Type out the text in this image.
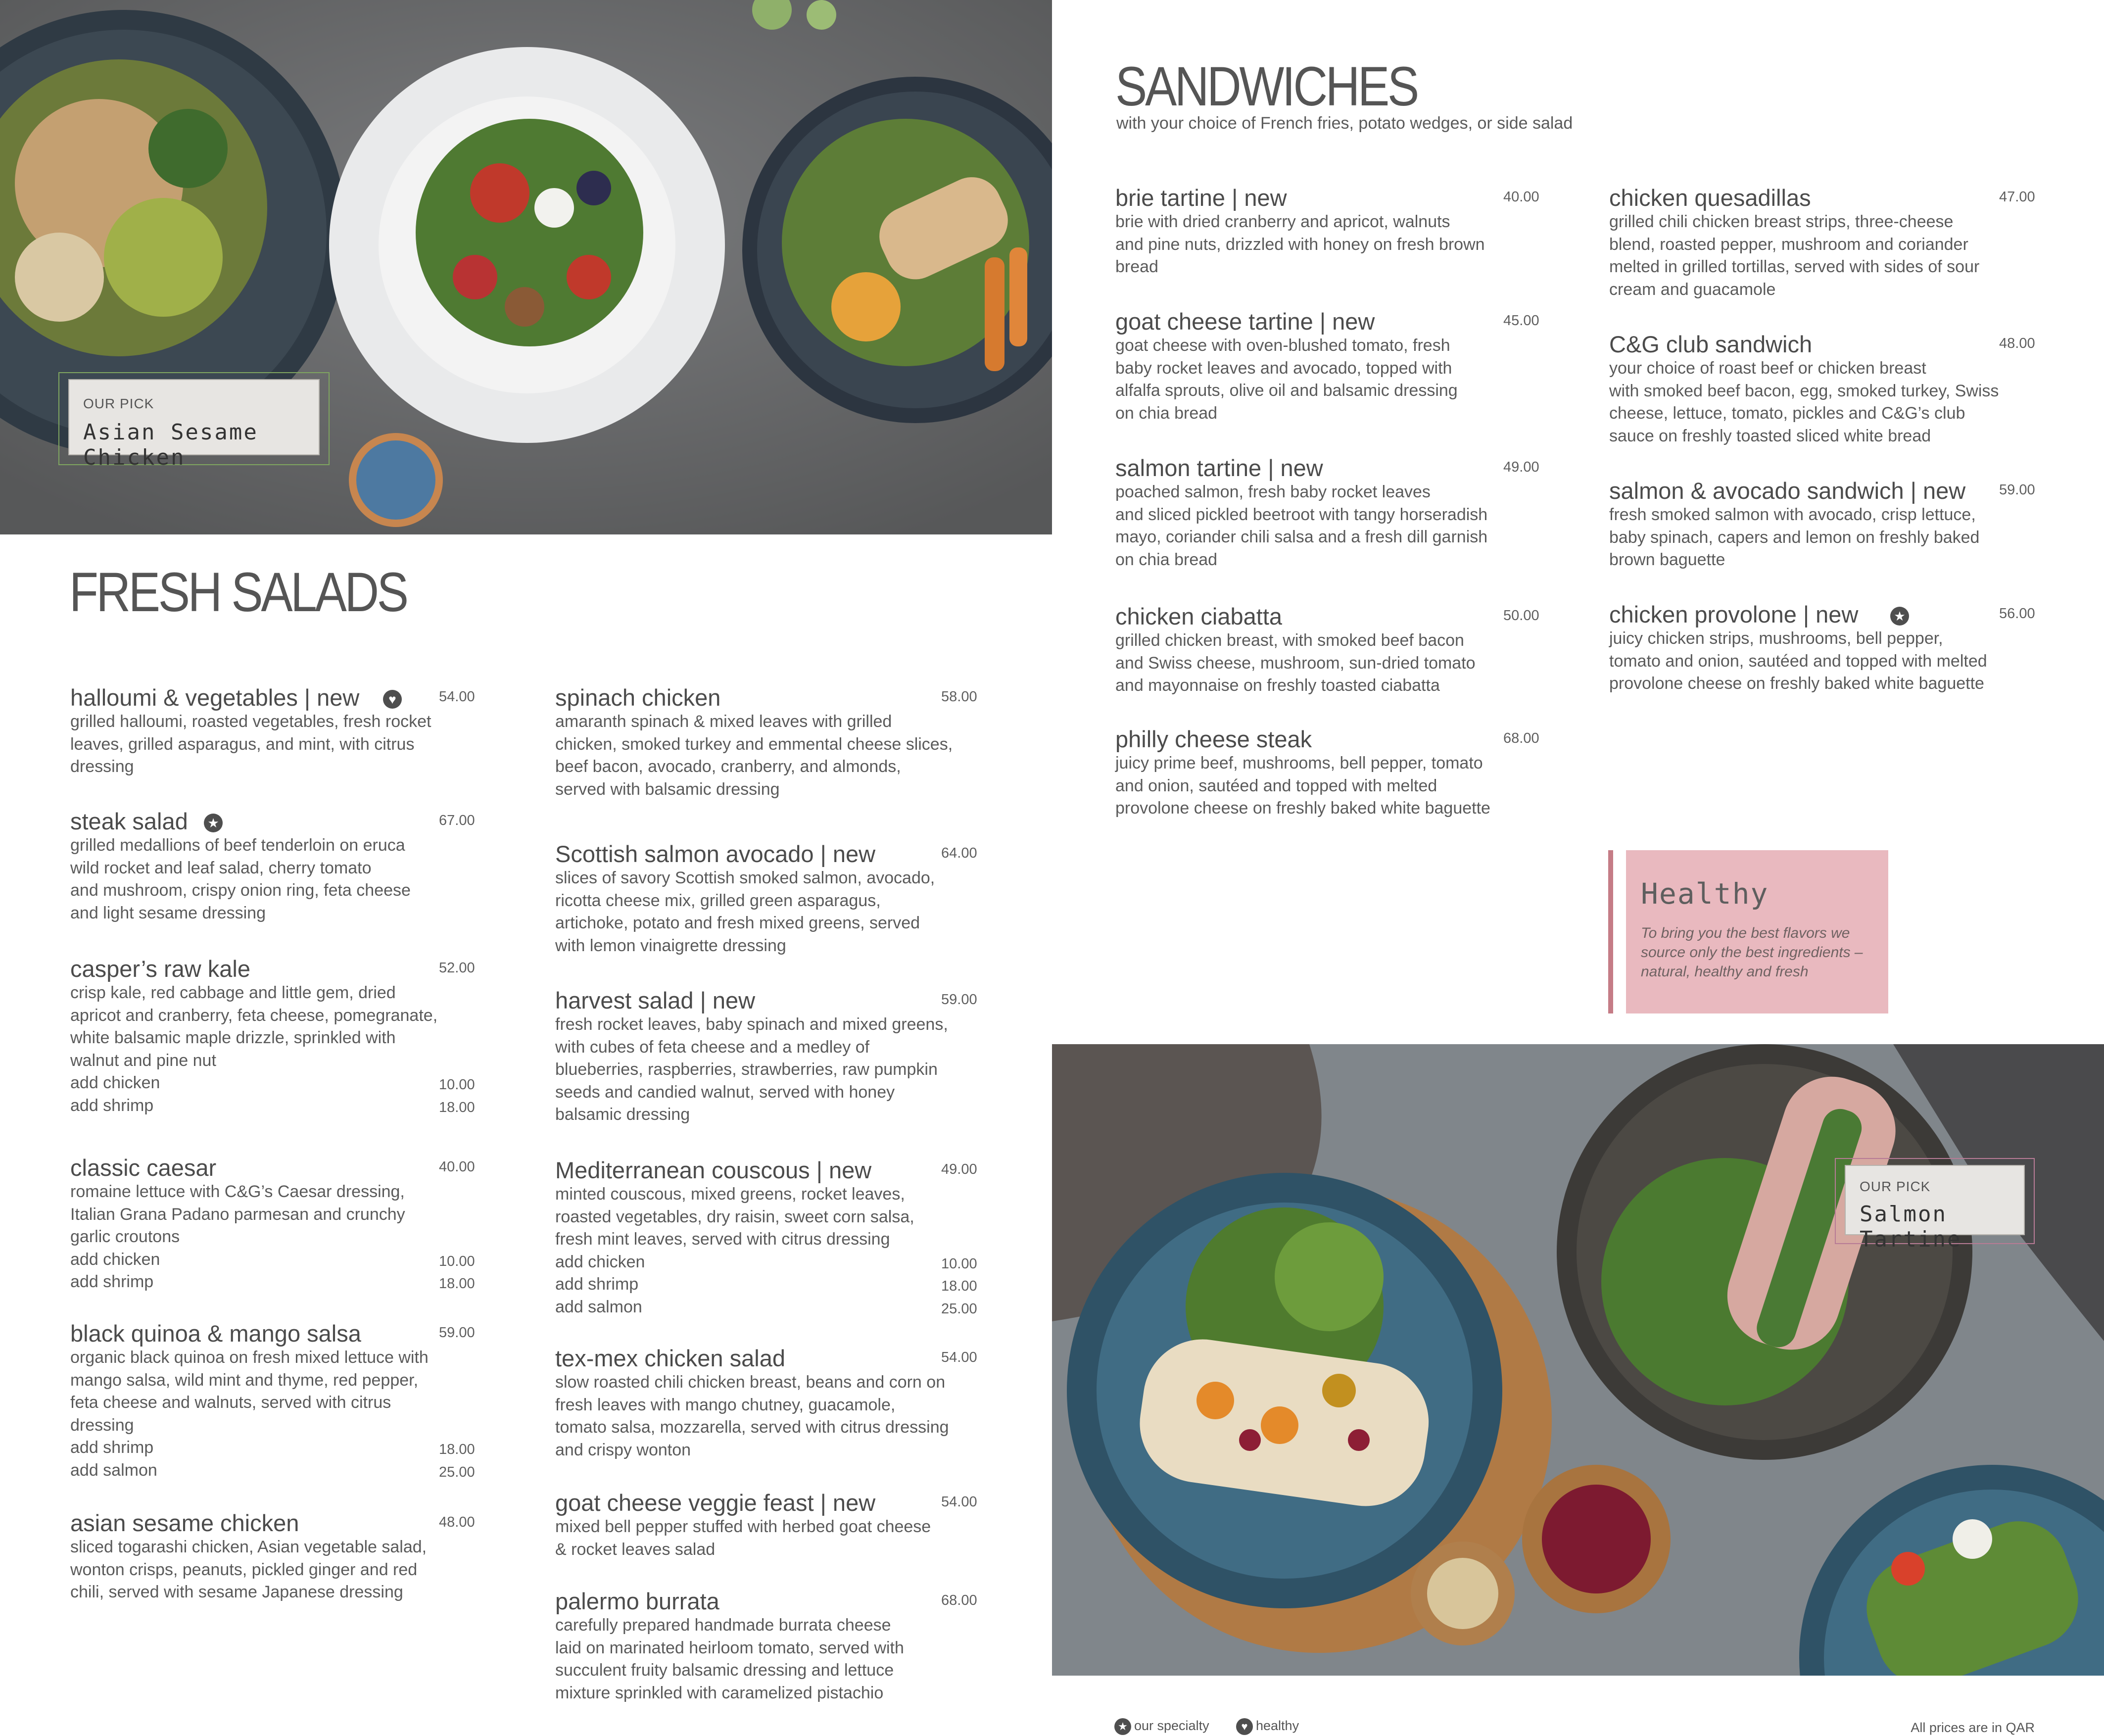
OUR PICK
Asian Sesame Chicken
FRESH SALADS
halloumi & vegetables | new	54.00
♥
grilled halloumi, roasted vegetables, fresh rocket
leaves, grilled asparagus, and mint, with citrus
dressing
steak salad	67.00
★
grilled medallions of beef tenderloin on eruca
wild rocket and leaf salad, cherry tomato
and mushroom, crispy onion ring, feta cheese
and light sesame dressing
casper’s raw kale	52.00
crisp kale, red cabbage and little gem, dried
apricot and cranberry, feta cheese, pomegranate,
white balsamic maple drizzle, sprinkled with
walnut and pine nut
add chicken	10.00
add shrimp	18.00
classic caesar	40.00
romaine lettuce with C&G’s Caesar dressing,
Italian Grana Padano parmesan and crunchy
garlic croutons
add chicken	10.00
add shrimp	18.00
black quinoa & mango salsa	59.00
organic black quinoa on fresh mixed lettuce with
mango salsa, wild mint and thyme, red pepper,
feta cheese and walnuts, served with citrus
dressing
add shrimp	18.00
add salmon	25.00
asian sesame chicken	48.00
sliced togarashi chicken, Asian vegetable salad,
wonton crisps, peanuts, pickled ginger and red
chili, served with sesame Japanese dressing
spinach chicken	58.00
amaranth spinach & mixed leaves with grilled
chicken, smoked turkey and emmental cheese slices,
beef bacon, avocado, cranberry, and almonds,
served with balsamic dressing
Scottish salmon avocado | new	64.00
slices of savory Scottish smoked salmon, avocado,
ricotta cheese mix, grilled green asparagus,
artichoke, potato and fresh mixed greens, served
with lemon vinaigrette dressing
harvest salad | new	59.00
fresh rocket leaves, baby spinach and mixed greens,
with cubes of feta cheese and a medley of
blueberries, raspberries, strawberries, raw pumpkin
seeds and candied walnut, served with honey
balsamic dressing
Mediterranean couscous | new	49.00
minted couscous, mixed greens, rocket leaves,
roasted vegetables, dry raisin, sweet corn salsa,
fresh mint leaves, served with citrus dressing
add chicken	10.00
add shrimp	18.00
add salmon	25.00
tex-mex chicken salad	54.00
slow roasted chili chicken breast, beans and corn on
fresh leaves with mango chutney, guacamole,
tomato salsa, mozzarella, served with citrus dressing
and crispy wonton
goat cheese veggie feast | new	54.00
mixed bell pepper stuffed with herbed goat cheese
& rocket leaves salad
palermo burrata	68.00
carefully prepared handmade burrata cheese
laid on marinated heirloom tomato, served with
succulent fruity balsamic dressing and lettuce
mixture sprinkled with caramelized pistachio
SANDWICHES
with your choice of French fries, potato wedges, or side salad
brie tartine | new	40.00
brie with dried cranberry and apricot, walnuts
and pine nuts, drizzled with honey on fresh brown
bread
goat cheese tartine | new	45.00
goat cheese with oven-blushed tomato, fresh
baby rocket leaves and avocado, topped with
alfalfa sprouts, olive oil and balsamic dressing
on chia bread
salmon tartine | new	49.00
poached salmon, fresh baby rocket leaves
and sliced pickled beetroot with tangy horseradish
mayo, coriander chili salsa and a fresh dill garnish
on chia bread
chicken ciabatta	50.00
grilled chicken breast, with smoked beef bacon
and Swiss cheese, mushroom, sun-dried tomato
and mayonnaise on freshly toasted ciabatta
philly cheese steak	68.00
juicy prime beef, mushrooms, bell pepper, tomato
and onion, sautéed and topped with melted
provolone cheese on freshly baked white baguette
chicken quesadillas	47.00
grilled chili chicken breast strips, three-cheese
blend, roasted pepper, mushroom and coriander
melted in grilled tortillas, served with sides of sour
cream and guacamole
C&G club sandwich	48.00
your choice of roast beef or chicken breast
with smoked beef bacon, egg, smoked turkey, Swiss
cheese, lettuce, tomato, pickles and C&G’s club
sauce on freshly toasted sliced white bread
salmon & avocado sandwich | new	59.00
fresh smoked salmon with avocado, crisp lettuce,
baby spinach, capers and lemon on freshly baked
brown baguette
chicken provolone | new	56.00
★
juicy chicken strips, mushrooms, bell pepper,
tomato and onion, sautéed and topped with melted
provolone cheese on freshly baked white baguette
Healthy
To bring you the best flavors we source only the best ingredients – natural, healthy and fresh
OUR PICK
Salmon Tartine
★ our specialty	♥ healthy	All prices are in QAR
